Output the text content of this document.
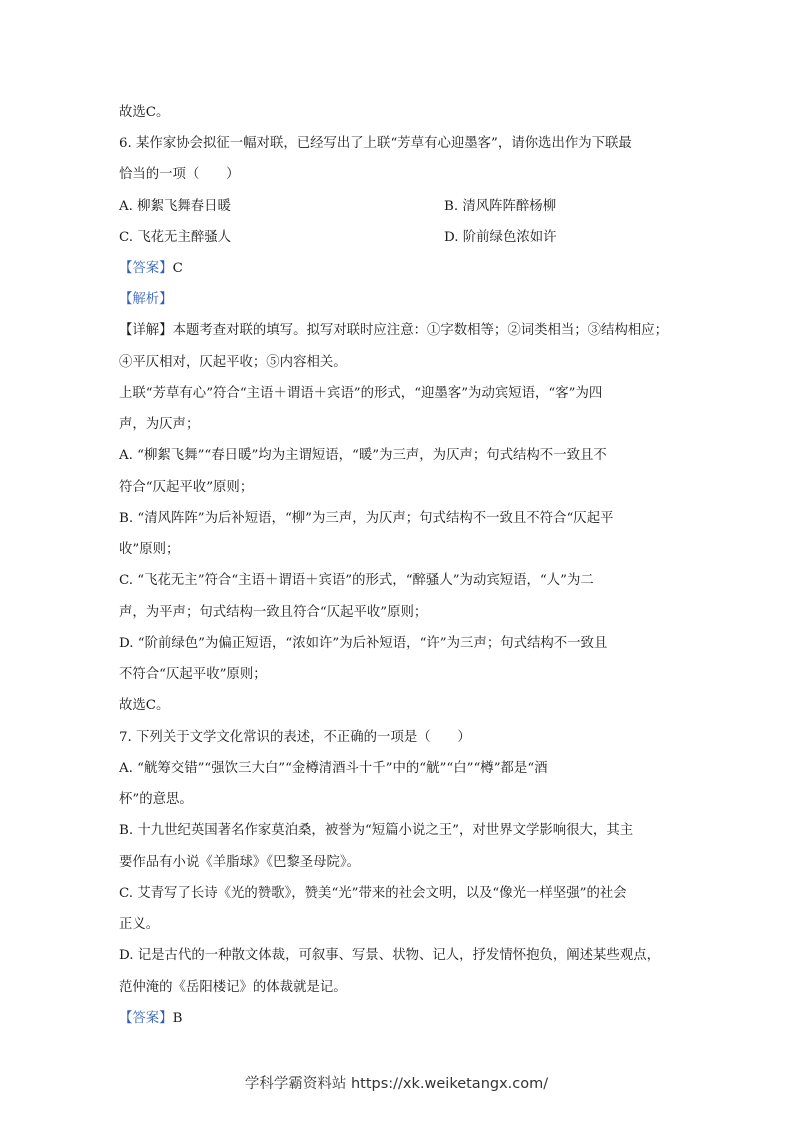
故选C。
6. 某作家协会拟征一幅对联，已经写出了上联“芳草有心迎墨客”，请你选出作为下联最
恰当的一项（　　）
A. 柳絮飞舞春日暖	B. 清风阵阵醉杨柳
C. 飞花无主醉骚人	D. 阶前绿色浓如许
【答案】C
【解析】
【详解】本题考查对联的填写。拟写对联时应注意：①字数相等；②词类相当；③结构相应；
④平仄相对，仄起平收；⑤内容相关。
上联“芳草有心”符合“主语＋谓语＋宾语”的形式，“迎墨客”为动宾短语，“客”为四
声，为仄声；
A. “柳絮飞舞”“春日暖”均为主谓短语，“暖”为三声，为仄声；句式结构不一致且不
符合“仄起平收”原则；
B. “清风阵阵”为后补短语，“柳”为三声，为仄声；句式结构不一致且不符合“仄起平
收”原则；
C. “飞花无主”符合“主语＋谓语＋宾语”的形式，“醉骚人”为动宾短语，“人”为二
声，为平声；句式结构一致且符合“仄起平收”原则；
D. “阶前绿色”为偏正短语，“浓如许”为后补短语，“许”为三声；句式结构不一致且
不符合“仄起平收”原则；
故选C。
7. 下列关于文学文化常识的表述，不正确的一项是（　　）
A. “觥筹交错”“强饮三大白”“金樽清酒斗十千”中的“觥”“白”“樽”都是“酒
杯”的意思。
B. 十九世纪英国著名作家莫泊桑，被誉为“短篇小说之王”，对世界文学影响很大，其主
要作品有小说《羊脂球》《巴黎圣母院》。
C. 艾青写了长诗《光的赞歌》，赞美“光”带来的社会文明，以及“像光一样坚强”的社会
正义。
D. 记是古代的一种散文体裁，可叙事、写景、状物、记人，抒发情怀抱负，阐述某些观点，
范仲淹的《岳阳楼记》的体裁就是记。
【答案】B
学科学霸资料站 https://xk.weiketangx.com/
